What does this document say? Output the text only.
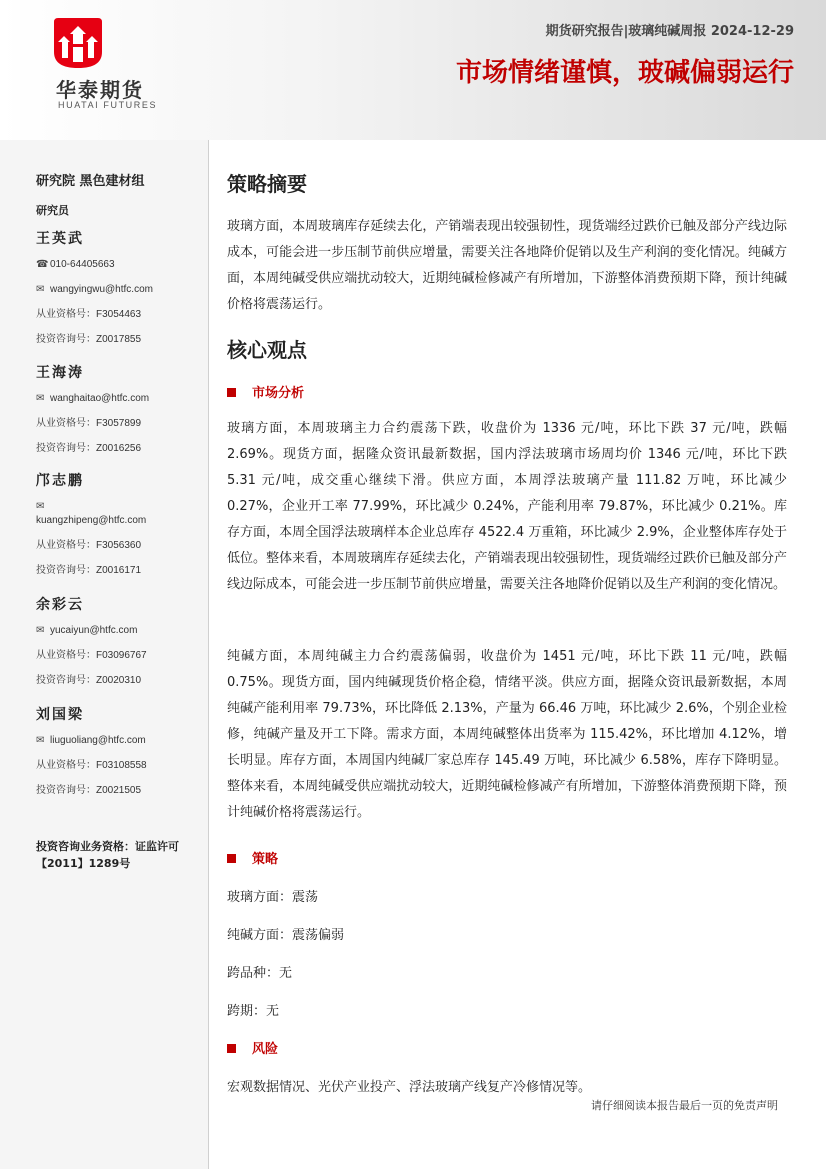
华泰期货
HUATAI FUTURES
期货研究报告|玻璃纯碱周报 2024-12-29
市场情绪谨慎，玻碱偏弱运行
研究院 黑色建材组
研究员
王英武
☎ 010-64405663
✉ wangyingwu@htfc.com
从业资格号：F3054463
投资咨询号：Z0017855
王海涛
✉ wanghaitao@htfc.com
从业资格号：F3057899
投资咨询号：Z0016256
邝志鹏
✉
kuangzhipeng@htfc.com
从业资格号：F3056360
投资咨询号：Z0016171
余彩云
✉ yucaiyun@htfc.com
从业资格号：F03096767
投资咨询号：Z0020310
刘国梁
✉ liuguoliang@htfc.com
从业资格号：F03108558
投资咨询号：Z0021505
投资咨询业务资格：证监许可【2011】1289号
策略摘要
玻璃方面，本周玻璃库存延续去化，产销端表现出较强韧性，现货端经过跌价已触及部分产线边际成本，可能会进一步压制节前供应增量，需要关注各地降价促销以及生产利润的变化情况。纯碱方面，本周纯碱受供应端扰动较大，近期纯碱检修减产有所增加，下游整体消费预期下降，预计纯碱价格将震荡运行。
核心观点
市场分析
玻璃方面，本周玻璃主力合约震荡下跌，收盘价为 1336 元/吨，环比下跌 37 元/吨，跌幅 2.69%。现货方面，据隆众资讯最新数据，国内浮法玻璃市场周均价 1346 元/吨，环比下跌 5.31 元/吨，成交重心继续下滑。供应方面，本周浮法玻璃产量 111.82 万吨，环比减少 0.27%，企业开工率 77.99%，环比减少 0.24%，产能利用率 79.87%，环比减少 0.21%。库存方面，本周全国浮法玻璃样本企业总库存 4522.4 万重箱，环比减少 2.9%，企业整体库存处于低位。整体来看，本周玻璃库存延续去化，产销端表现出较强韧性，现货端经过跌价已触及部分产线边际成本，可能会进一步压制节前供应增量，需要关注各地降价促销以及生产利润的变化情况。
纯碱方面，本周纯碱主力合约震荡偏弱，收盘价为 1451 元/吨，环比下跌 11 元/吨，跌幅 0.75%。现货方面，国内纯碱现货价格企稳，情绪平淡。供应方面，据隆众资讯最新数据，本周纯碱产能利用率 79.73%，环比降低 2.13%，产量为 66.46 万吨，环比减少 2.6%，个别企业检修，纯碱产量及开工下降。需求方面，本周纯碱整体出货率为 115.42%，环比增加 4.12%，增长明显。库存方面，本周国内纯碱厂家总库存 145.49 万吨，环比减少 6.58%，库存下降明显。整体来看，本周纯碱受供应端扰动较大，近期纯碱检修减产有所增加，下游整体消费预期下降，预计纯碱价格将震荡运行。
策略
玻璃方面：震荡
纯碱方面：震荡偏弱
跨品种：无
跨期：无
风险
宏观数据情况、光伏产业投产、浮法玻璃产线复产冷修情况等。
请仔细阅读本报告最后一页的免责声明
